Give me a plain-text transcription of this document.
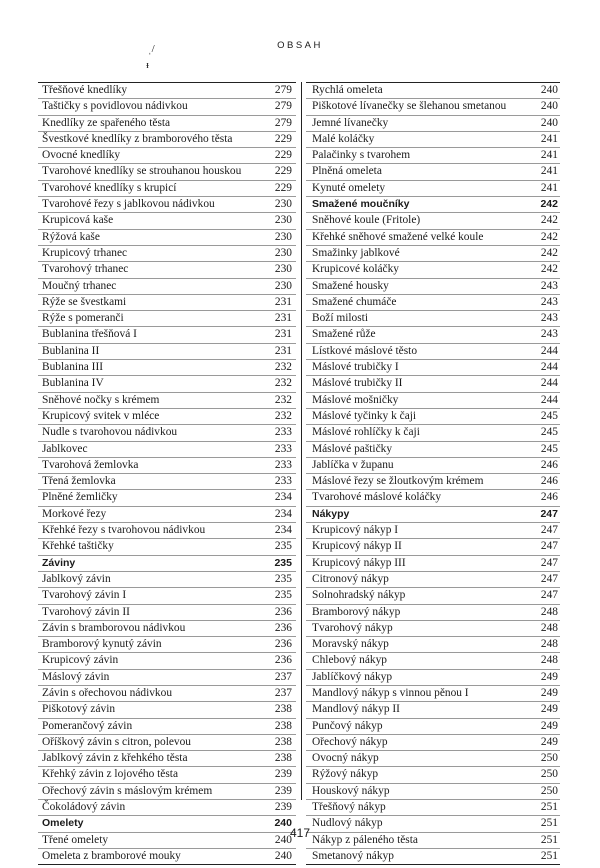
OBSAH
ˌ/
ᵻ
Třešňové knedlíky	279
Taštičky s povidlovou nádivkou	279
Knedlíky ze spařeného těsta	279
Švestkové knedlíky z bramborového těsta	229
Ovocné knedlíky	229
Tvarohové knedlíky se strouhanou houskou	229
Tvarohové knedlíky s krupicí	229
Tvarohové řezy s jablkovou nádivkou	230
Krupicová kaše	230
Rýžová kaše	230
Krupicový trhanec	230
Tvarohový trhanec	230
Moučný trhanec	230
Rýže se švestkami	231
Rýže s pomeranči	231
Bublanina třešňová I	231
Bublanina II	231
Bublanina III	232
Bublanina IV	232
Sněhové nočky s krémem	232
Krupicový svitek v mléce	232
Nudle s tvarohovou nádivkou	233
Jablkovec	233
Tvarohová žemlovka	233
Třená žemlovka	233
Plněné žemličky	234
Morkové řezy	234
Křehké řezy s tvarohovou nádivkou	234
Křehké taštičky	235
Záviny	235
Jablkový závin	235
Tvarohový závin I	235
Tvarohový závin II	236
Závin s bramborovou nádivkou	236
Bramborový kynutý závin	236
Krupicový závin	236
Máslový závin	237
Závin s ořechovou nádivkou	237
Piškotový závin	238
Pomerančový závin	238
Oříškový závin s citron, polevou	238
Jablkový závin z křehkého těsta	238
Křehký závin z lojového těsta	239
Ořechový závin s máslovým krémem	239
Čokoládový závin	239
Omelety	240
Třené omelety	240
Omeleta z bramborové mouky	240
Rychlá omeleta	240
Piškotové lívanečky se šlehanou smetanou	240
Jemné lívanečky	240
Malé koláčky	241
Palačinky s tvarohem	241
Plněná omeleta	241
Kynuté omelety	241
Smažené moučníky	242
Sněhové koule (Fritole)	242
Křehké sněhové smažené velké koule	242
Smažinky jablkové	242
Krupicové koláčky	242
Smažené housky	243
Smažené chumáče	243
Boží milosti	243
Smažené růže	243
Lístkové máslové těsto	244
Máslové trubičky I	244
Máslové trubičky II	244
Máslové mošničky	244
Máslové tyčinky k čaji	245
Máslové rohlíčky k čaji	245
Máslové paštičky	245
Jablíčka v županu	246
Máslové řezy se žloutkovým krémem	246
Tvarohové máslové koláčky	246
Nákypy	247
Krupicový nákyp I	247
Krupicový nákyp II	247
Krupicový nákyp III	247
Citronový nákyp	247
Solnohradský nákyp	247
Bramborový nákyp	248
Tvarohový nákyp	248
Moravský nákyp	248
Chlebový nákyp	248
Jablíčkový nákyp	249
Mandlový nákyp s vinnou pěnou I	249
Mandlový nákyp II	249
Punčový nákyp	249
Ořechový nákyp	249
Ovocný nákyp	250
Rýžový nákyp	250
Houskový nákyp	250
Třešňový nákyp	251
Nudlový nákyp	251
Nákyp z páleného těsta	251
Smetanový nákyp	251
417
